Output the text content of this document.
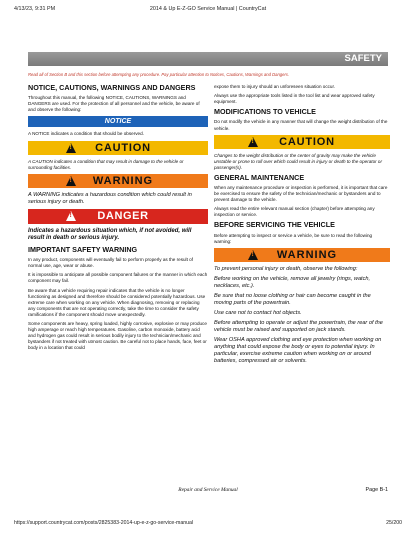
4/13/23, 9:31 PM	2014 & Up E-Z-GO Service Manual | CountryCat
SAFETY
Read all of Section B and this section before attempting any procedure. Pay particular attention to Notices, Cautions, Warnings and Dangers.
NOTICE, CAUTIONS, WARNINGS AND DANGERS
Throughout this manual, the following NOTICE, CAUTIONS, WARNINGS and DANGERS are used. For the protection of all personnel and the vehicle, be aware of and observe the following:
NOTICE
A NOTICE indicates a condition that should be observed.
!
CAUTION
A CAUTION indicates a condition that may result in damage to the vehicle or surrounding facilities.
!
WARNING
A WARNING indicates a hazardous condition which could result in serious injury or death.
!
DANGER
Indicates a hazardous situation which, if not avoided, will result in death or serious injury.
IMPORTANT SAFETY WARNING
In any product, components will eventually fail to perform properly as the result of normal use, age, wear or abuse.
It is impossible to anticipate all possible component failures or the manner in which each component may fail.
Be aware that a vehicle requiring repair indicates that the vehicle is no longer functioning as designed and therefore should be considered potentially hazardous. Use extreme care when working on any vehicle. When diagnosing, removing or replacing any components that are not operating correctly, take the time to consider the safety ramifications if the component should move unexpectedly.
Some components are heavy, spring loaded, highly corrosive, explosive or may produce high amperage or reach high temperatures. Gasoline, carbon monoxide, battery acid and hydrogen gas could result in serious bodily injury to the technician/mechanic and bystanders if not treated with utmost caution. Be careful not to place hands, face, feet or body in a location that could
expose them to injury should an unforeseen situation occur.
Always use the appropriate tools listed in the tool list and wear approved safety equipment.
MODIFICATIONS TO VEHICLE
Do not modify the vehicle in any manner that will change the weight distribution of the vehicle.
!
CAUTION
Changes to the weight distribution or the center of gravity may make the vehicle unstable or prone to roll over which could result in injury or death to the operator or passenger(s).
GENERAL MAINTENANCE
When any maintenance procedure or inspection is performed, it is important that care be exercised to ensure the safety of the technician/mechanic or bystanders and to prevent damage to the vehicle.
Always read the entire relevant manual section (chapter) before attempting any inspection or service.
BEFORE SERVICING THE VEHICLE
Before attempting to inspect or service a vehicle, be sure to read the following warning:
!
WARNING
To prevent personal injury or death, observe the following:
Before working on the vehicle, remove all jewelry (rings, watch, necklaces, etc.).
Be sure that no loose clothing or hair can become caught in the moving parts of the powertrain.
Use care not to contact hot objects.
Before attempting to operate or adjust the powertrain, the rear of the vehicle must be raised and supported on jack stands.
Wear OSHA approved clothing and eye protection when working on anything that could expose the body or eyes to potential injury. In particular, exercise extreme caution when working on or around batteries, compressed air or solvents.
Repair and Service Manual	Page B-1
https://support.countrycat.com/posts/2825383-2014-up-e-z-go-service-manual	25/200
